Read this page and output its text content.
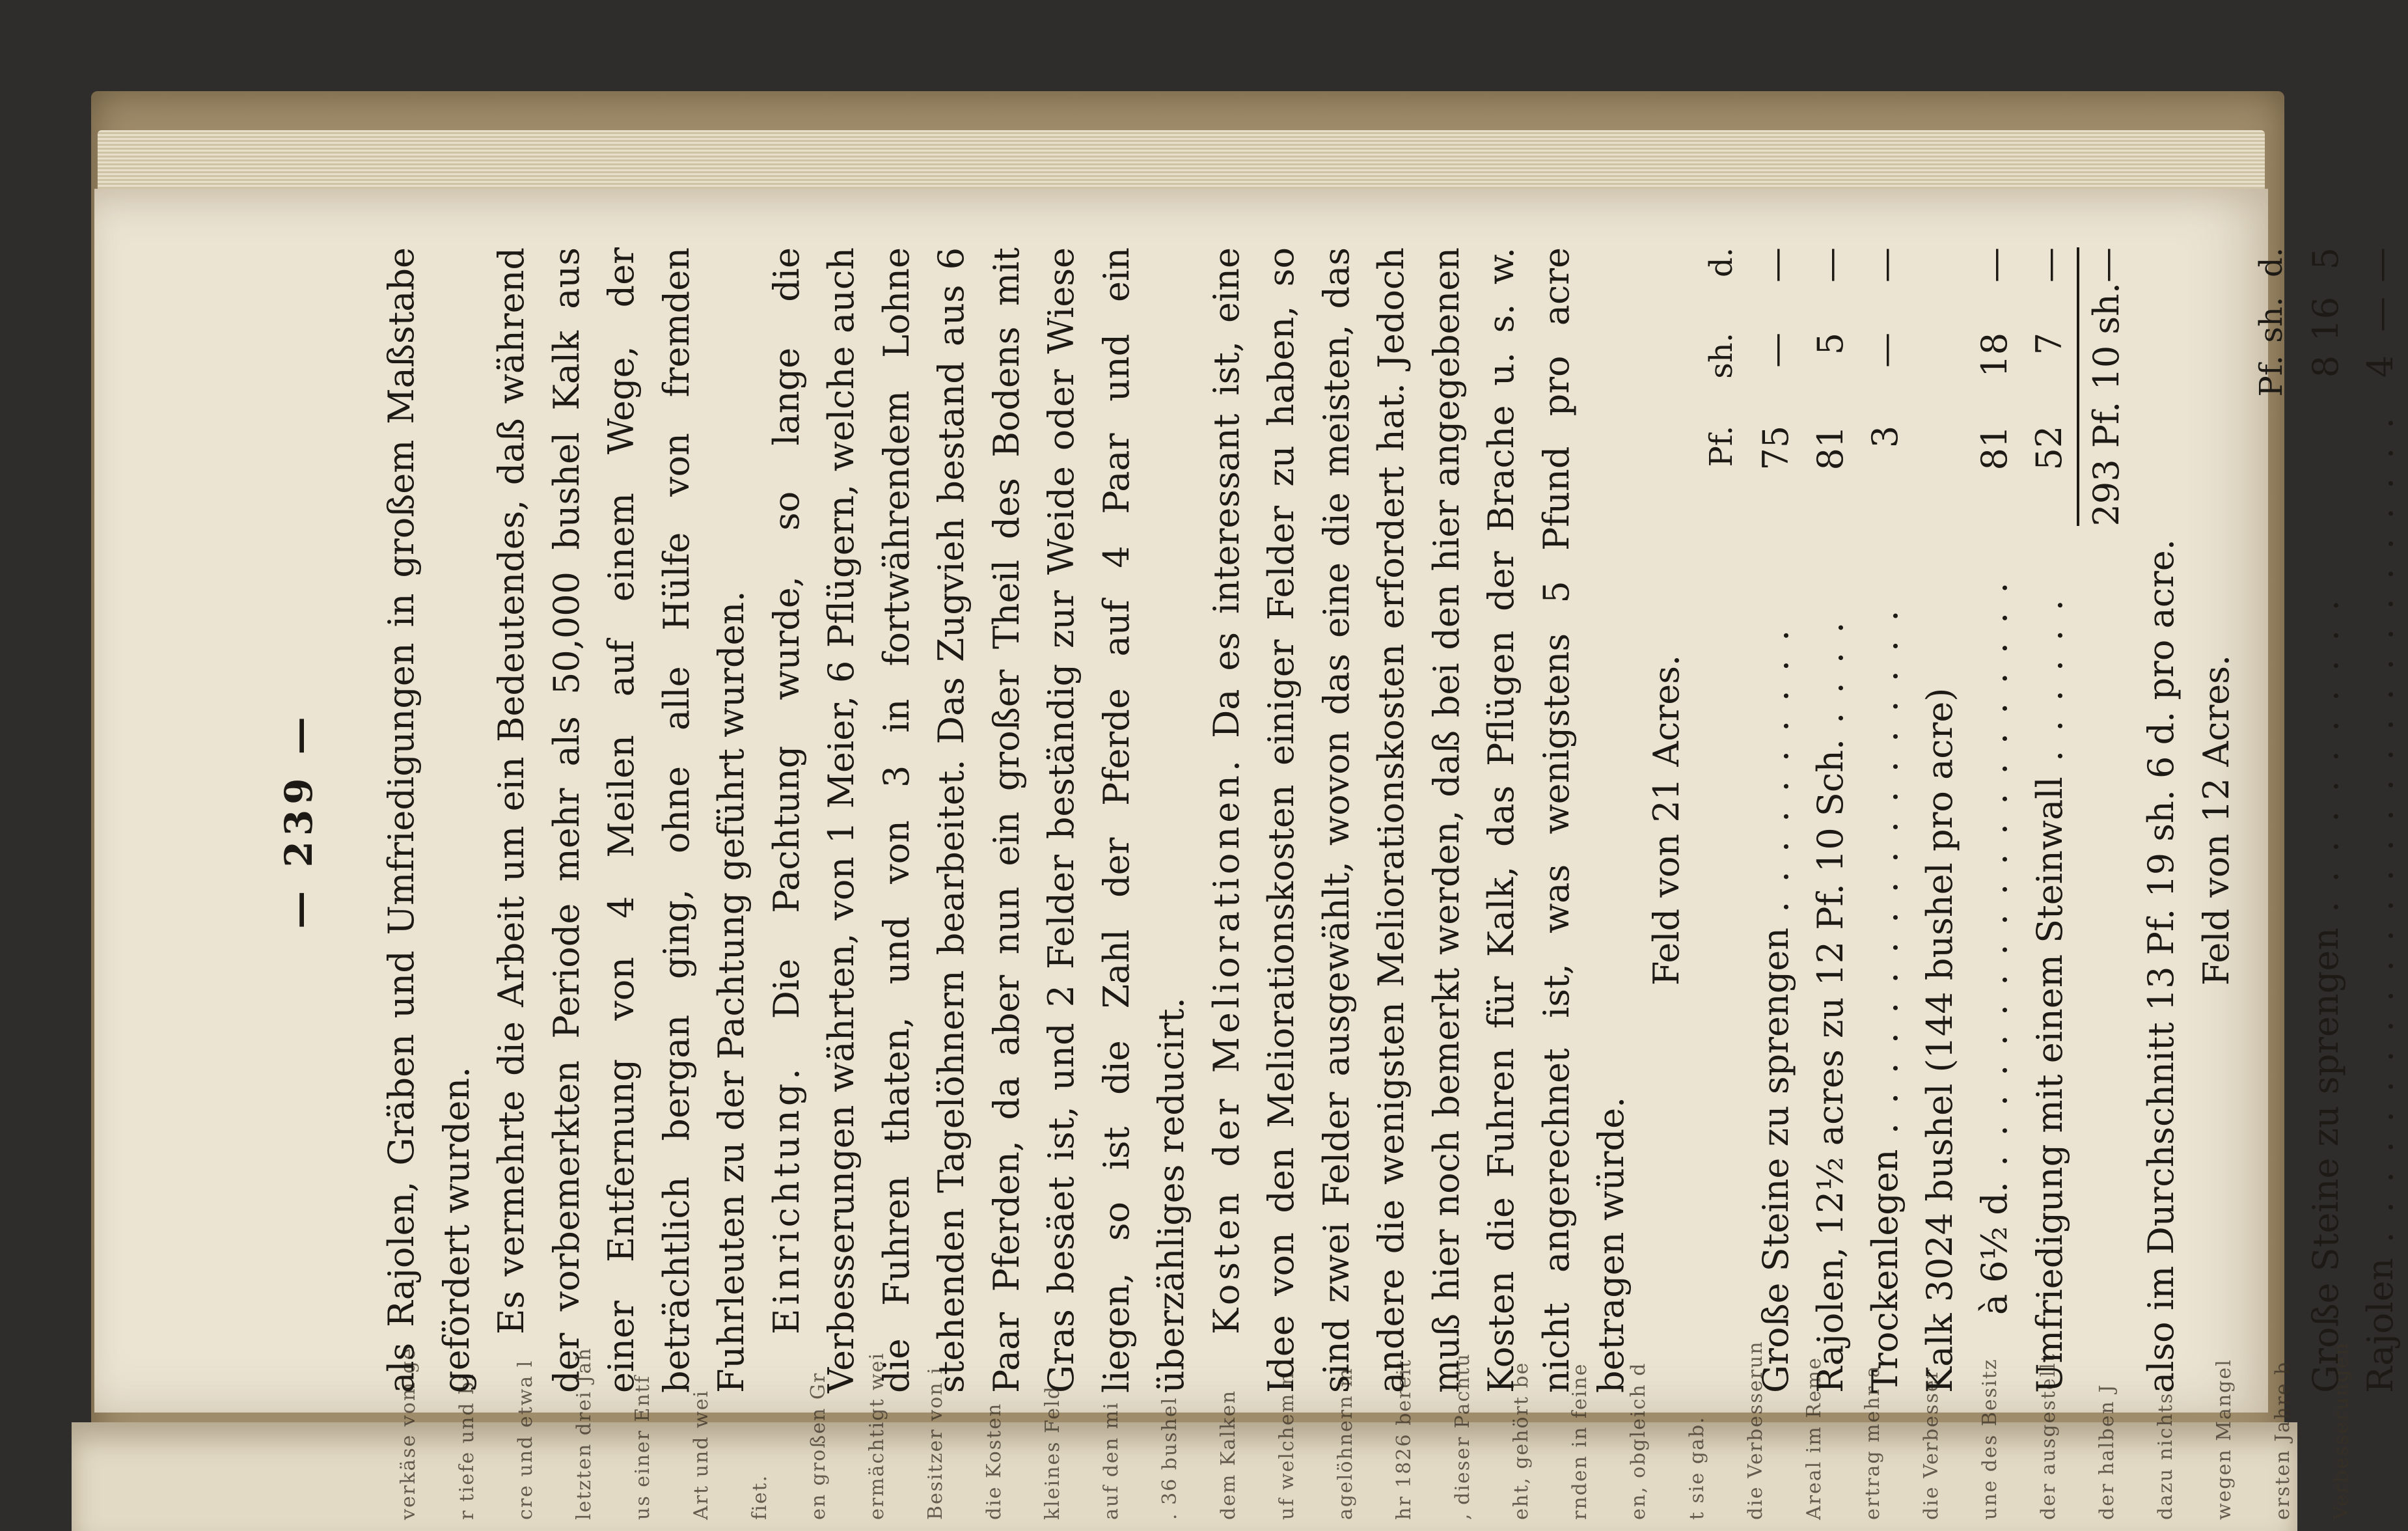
verkäse vom ge r tiefe und bi cre und etwa l letzten drei Jah us einer Entf Art und wei fiet. en großen Gr ermächtigt wei Besitzer von i die Kosten kleines Feld auf den mi . 36 bushel dem Kalken uf welchem n agelöhnern m hr 1826 bereit , dieser Pachtu eht, gehört be rnden in feine en, obgleich d t sie gab. die Verbesserun Areal im Reme ertrag mehr a die Verbesser une des Besitz der ausgestellt der halben J dazu nichts wegen Mangel ersten Jahre b Verbesserungen
— 239 — als Rajolen, Gräben und Umfriedigungen in großem Maßstabe gefördert wurden. Es vermehrte die Arbeit um ein Bedeutendes, daß während der vorbemerkten Periode mehr als 50,000 bushel Kalk aus einer Entfernung von 4 Meilen auf einem Wege, der beträchtlich bergan ging, ohne alle Hülfe von fremden Fuhrleuten zu der Pachtung geführt wurden. Einrichtung. Die Pachtung wurde, so lange die Verbesserungen währten, von 1 Meier, 6 Pflügern, welche auch die Fuhren thaten, und von 3 in fortwährendem Lohne stehenden Tagelöhnern bearbeitet. Das Zugvieh bestand aus 6 Paar Pferden, da aber nun ein großer Theil des Bodens mit Gras besäet ist, und 2 Felder beständig zur Weide oder Wiese liegen, so ist die Zahl der Pferde auf 4 Paar und ein überzähliges reducirt. Kosten der Meliorationen. Da es interessant ist, eine Idee von den Meliorationskosten einiger Felder zu haben, so sind zwei Felder ausgewählt, wovon das eine die meisten, das andere die wenigsten Meliorationskosten erfordert hat. Jedoch muß hier noch bemerkt werden, daß bei den hier angegebenen Kosten die Fuhren für Kalk, das Pflügen der Brache u. s. w. nicht angerechnet ist, was wenigstens 5 Pfund pro acre betragen würde.

Feld von 21 Acres.

	Pf.	sh.	d.
Große Steine zu sprengen . . . . . . . . . .	75	—	—
Rajolen, 12½ acres zu 12 Pf. 10 Sch. . . . .	81	5	—
Trockenlegen . . . . . . . . . . . . . . . . . .	3	—	—
Kalk 3024 bushel (144 bushel pro acre)			
à 6½ d. . . . . . . . . . . . . . . . . . . . .	81	18	—
Umfriedigung mit einem Steinwall . . . . . .	52	7	—
	293 Pf. 10 sh.—		

also im Durchschnitt 13 Pf. 19 sh. 6 d. pro acre. Feld von 12 Acres.

	Pf.	sh.	d.
Große Steine zu sprengen . . . . . . . . . . .	8	16	5
Rajolen . . . . . . . . . . . . . . . . . . . . . . . . . . . .	4	—	—
